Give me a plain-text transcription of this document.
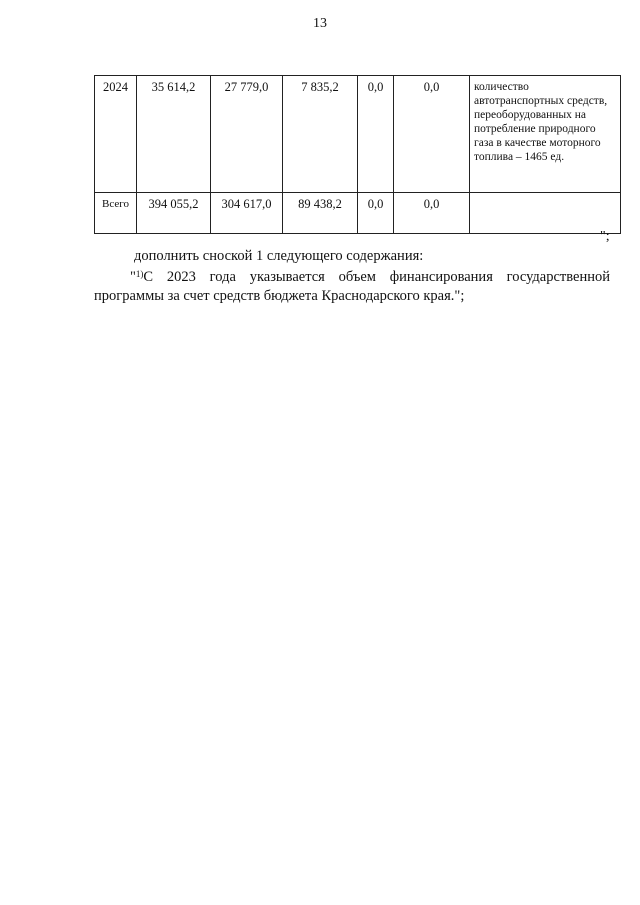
13
2024	35 614,2	27 779,0	7 835,2	0,0	0,0	количество автотранспортных средств, переоборудованных на потребление природного газа в качестве моторного топлива – 1465 ед.
Всего	394 055,2	304 617,0	89 438,2	0,0	0,0	
";

дополнить сноской 1 следующего содержания:

"$^{1)}$С 2023 года указывается объем финансирования государственной программы за счет средств бюджета Краснодарского края.";
